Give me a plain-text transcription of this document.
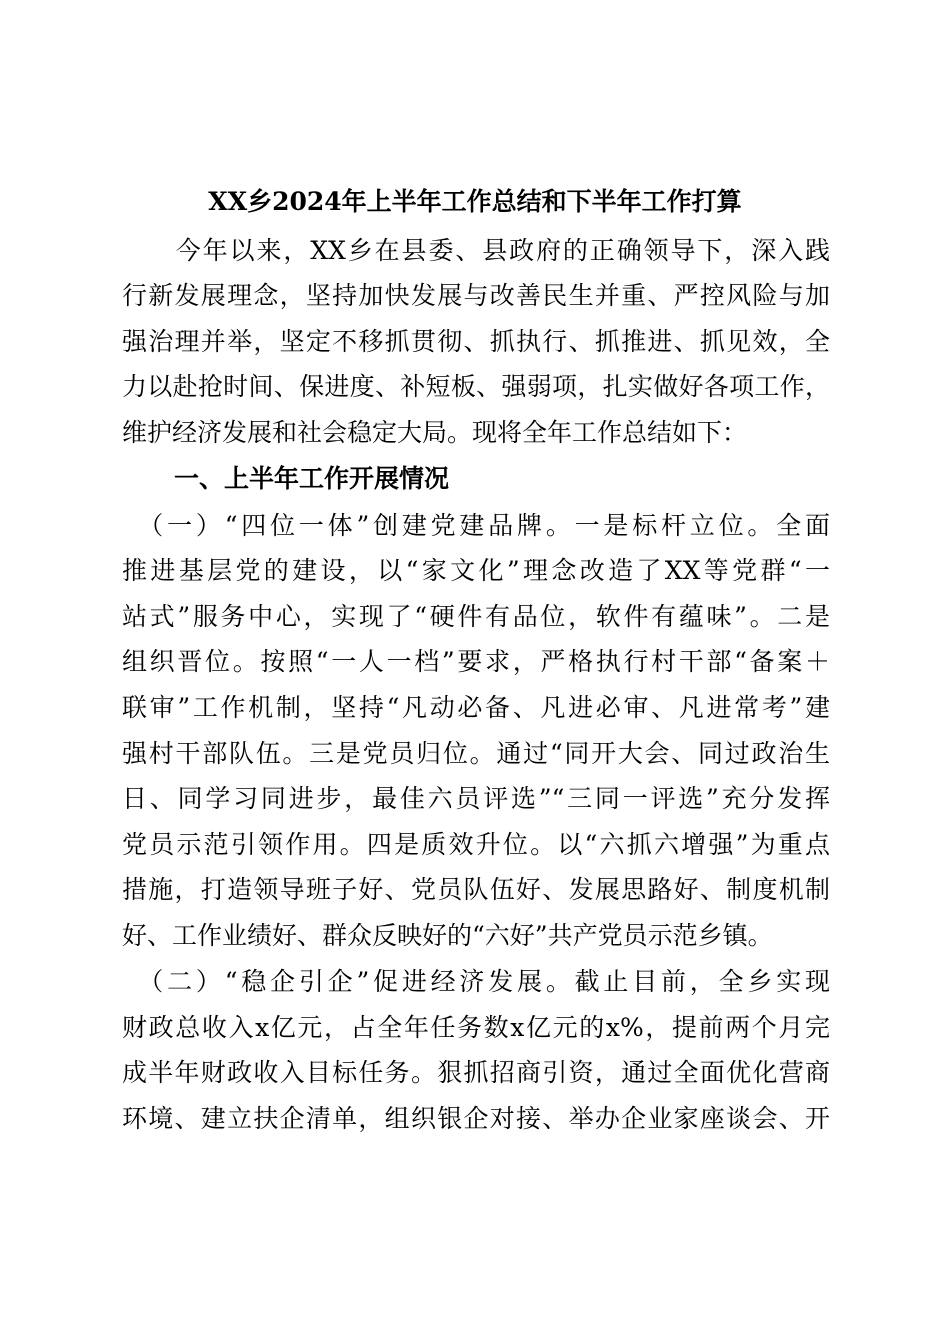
XX乡2024年上半年工作总结和下半年工作打算
　　今年以来，XX乡在县委、县政府的正确领导下，深入践
行新发展理念，坚持加快发展与改善民生并重、严控风险与加
强治理并举，坚定不移抓贯彻、抓执行、抓推进、抓见效，全
力以赴抢时间、保进度、补短板、强弱项，扎实做好各项工作，
维护经济发展和社会稳定大局。现将全年工作总结如下：
一、上半年工作开展情况
　（一）“四位一体”创建党建品牌。一是标杆立位。全面
推进基层党的建设，以“家文化”理念改造了XX等党群“一
站式”服务中心，实现了“硬件有品位，软件有蕴味”。二是
组织晋位。按照“一人一档”要求，严格执行村干部“备案＋
联审”工作机制，坚持“凡动必备、凡进必审、凡进常考”建
强村干部队伍。三是党员归位。通过“同开大会、同过政治生
日、同学习同进步，最佳六员评选”“三同一评选”充分发挥
党员示范引领作用。四是质效升位。以“六抓六增强”为重点
措施，打造领导班子好、党员队伍好、发展思路好、制度机制
好、工作业绩好、群众反映好的“六好”共产党员示范乡镇。
　（二）“稳企引企”促进经济发展。截止目前，全乡实现
财政总收入x亿元，占全年任务数x亿元的x%，提前两个月完
成半年财政收入目标任务。狠抓招商引资，通过全面优化营商
环境、建立扶企清单，组织银企对接、举办企业家座谈会、开
